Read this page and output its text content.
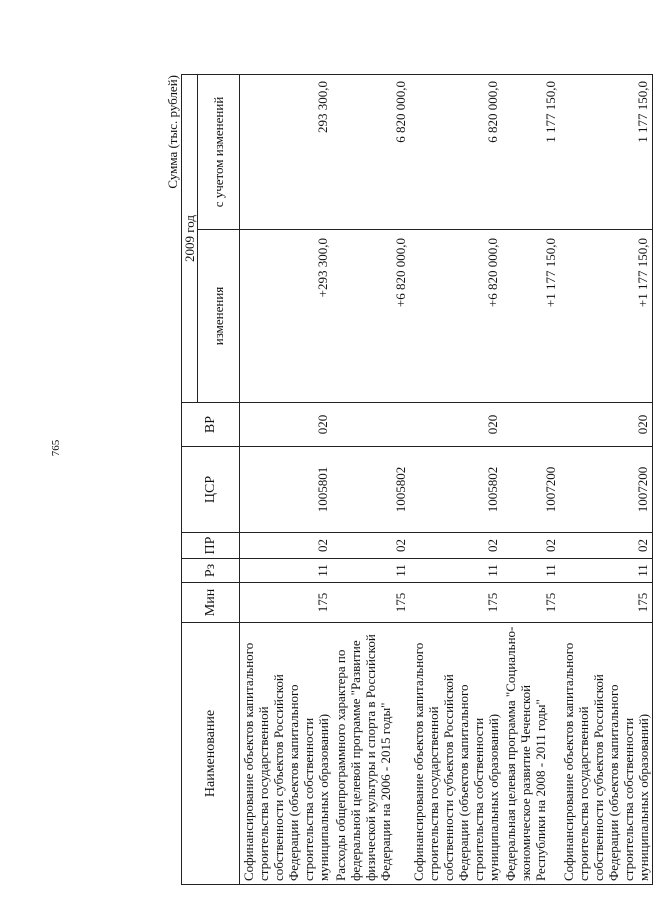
765
Сумма (тыс. рублей)
Наименование	Мин	Рз	ПР	ЦСР	ВР	2009 год	
						изменения	с учетом изменений
Софинансирование объектов капитального строительства государственной собственности субъектов Российской Федерации (объектов капитального строительства собственности муниципальных образований)	175	11	02	1005801	020	+293 300,0	293 300,0
Расходы общепрограммного характера по федеральной целевой программе "Развитие физической культуры и спорта в Российской Федерации на 2006 - 2015 годы"	175	11	02	1005802		+6 820 000,0	6 820 000,0
Софинансирование объектов капитального строительства государственной собственности субъектов Российской Федерации (объектов капитального строительства собственности муниципальных образований)	175	11	02	1005802	020	+6 820 000,0	6 820 000,0
Федеральная целевая программа "Социально-экономическое развитие Чеченской Республики на 2008 - 2011 годы"	175	11	02	1007200		+1 177 150,0	1 177 150,0
Софинансирование объектов капитального строительства государственной собственности субъектов Российской Федерации (объектов капитального строительства собственности муниципальных образований)	175	11	02	1007200	020	+1 177 150,0	1 177 150,0
